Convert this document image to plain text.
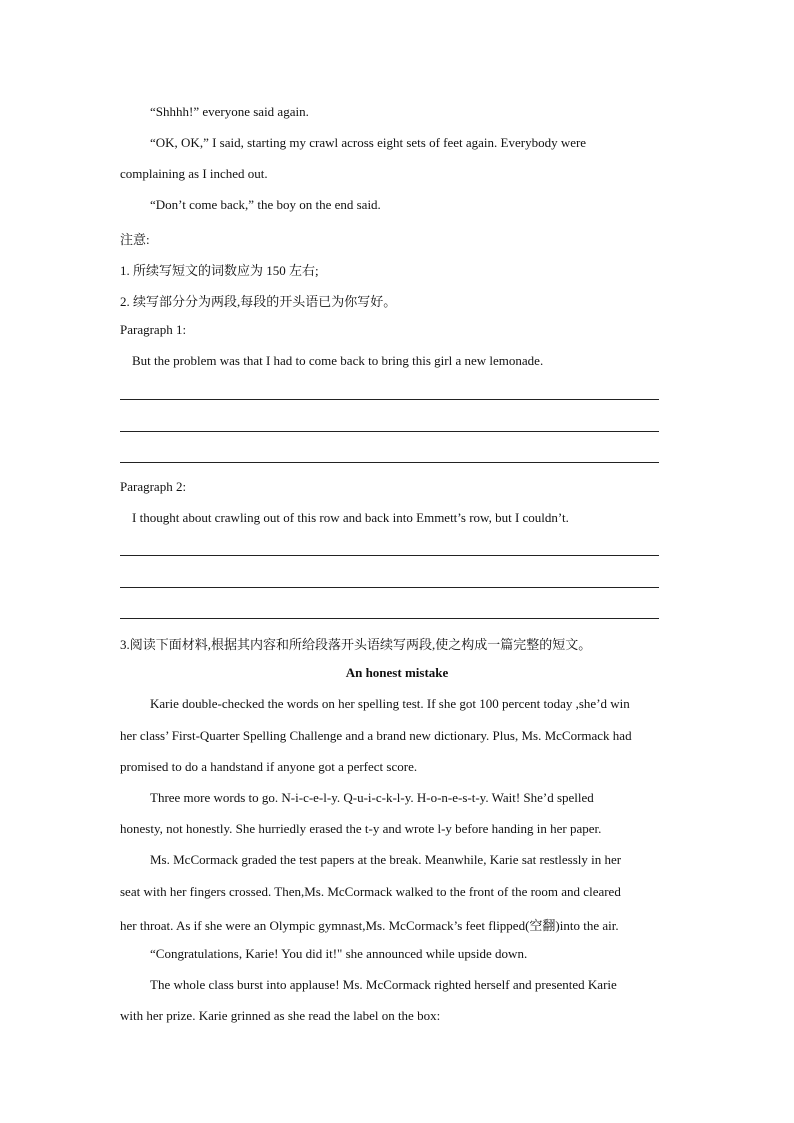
“Shhhh!” everyone said again.
“OK, OK,” I said, starting my crawl across eight sets of feet again. Everybody were
complaining as I inched out.
“Don’t come back,” the boy on the end said.
注意:
1. 所续写短文的词数应为 150 左右;
2. 续写部分分为两段,每段的开头语已为你写好。
Paragraph 1:
But the problem was that I had to come back to bring this girl a new lemonade.
Paragraph 2:
I thought about crawling out of this row and back into Emmett’s row, but I couldn’t.
3.阅读下面材料,根据其内容和所给段落开头语续写两段,使之构成一篇完整的短文。
An honest mistake
Karie double-checked the words on her spelling test. If she got 100 percent today ,she’d win
her class’ First-Quarter Spelling Challenge and a brand new dictionary. Plus, Ms. McCormack had
promised to do a handstand if anyone got a perfect score.
Three more words to go. N-i-c-e-l-y. Q-u-i-c-k-l-y. H-o-n-e-s-t-y. Wait! She’d spelled
honesty, not honestly. She hurriedly erased the t-y and wrote l-y before handing in her paper.
Ms. McCormack graded the test papers at the break. Meanwhile, Karie sat restlessly in her
seat with her fingers crossed. Then,Ms. McCormack walked to the front of the room and cleared
her throat. As if she were an Olympic gymnast,Ms. McCormack’s feet flipped(空翻)into the air.
“Congratulations, Karie! You did it!" she announced while upside down.
The whole class burst into applause! Ms. McCormack righted herself and presented Karie
with her prize. Karie grinned as she read the label on the box:
